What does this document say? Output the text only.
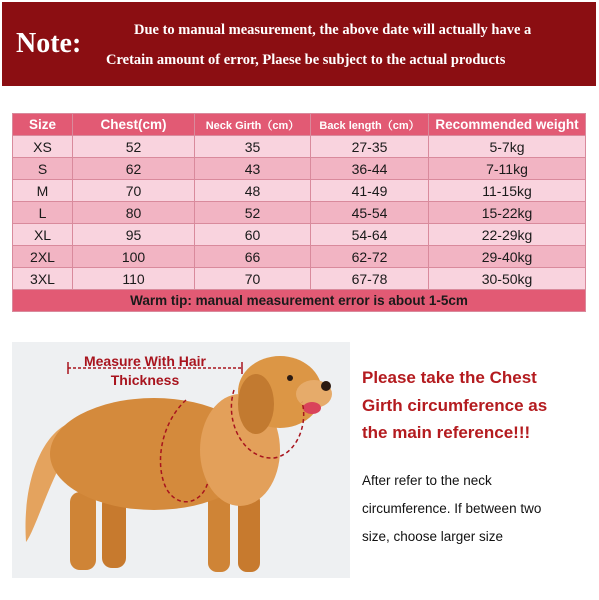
Note:	Due to manual measurement, the above date will actually have a
Cretain amount of error, Plaese be subject to the actual products
Size	Chest(cm)	Neck Girth（cm）	Back length（cm）	Recommended weight
XS	52	35	27-35	5-7kg
S	62	43	36-44	7-11kg
M	70	48	41-49	11-15kg
L	80	52	45-54	15-22kg
XL	95	60	54-64	22-29kg
2XL	100	66	62-72	29-40kg
3XL	110	70	67-78	30-50kg
Warm tip: manual measurement error is about 1-5cm				
Measure With Hair
Thickness	Please take the Chest
Girth circumference as
the main reference!!!
After refer to the neck
circumference. If between two
size, choose larger size
